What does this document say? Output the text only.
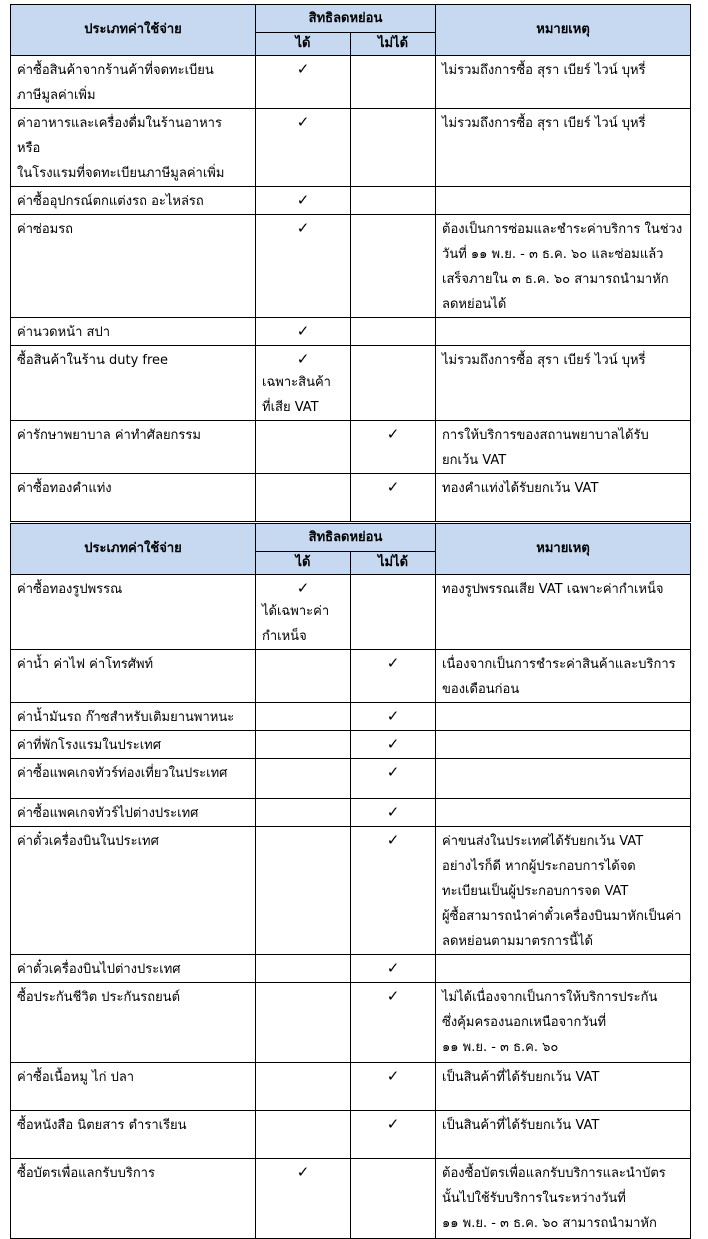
ประเภทค่าใช้จ่าย	สิทธิลดหย่อน		หมายเหตุ
	ได้	ไม่ได้	

ค่าซื้อสินค้าจากร้านค้าที่จดทะเบียน
ภาษีมูลค่าเพิ่ม	✓		ไม่รวมถึงการซื้อ สุรา เบียร์ ไวน์ บุหรี่

ค่าอาหารและเครื่องดื่มในร้านอาหาร หรือ
ในโรงแรมที่จดทะเบียนภาษีมูลค่าเพิ่ม	✓		ไม่รวมถึงการซื้อ สุรา เบียร์ ไวน์ บุหรี่

ค่าซื้ออุปกรณ์ตกแต่งรถ อะไหล่รถ	✓		

ค่าซ่อมรถ	✓		ต้องเป็นการซ่อมและชำระค่าบริการ ในช่วง
วันที่ ๑๑ พ.ย. - ๓ ธ.ค. ๖๐ และซ่อมแล้ว
เสร็จภายใน ๓ ธ.ค. ๖๐ สามารถนำมาหัก
ลดหย่อนได้

ค่านวดหน้า สปา	✓		

ซื้อสินค้าในร้าน duty free	✓
เฉพาะสินค้า
ที่เสีย VAT		ไม่รวมถึงการซื้อ สุรา เบียร์ ไวน์ บุหรี่

ค่ารักษาพยาบาล ค่าทำศัลยกรรม		✓	การให้บริการของสถานพยาบาลได้รับ
ยกเว้น VAT

ค่าซื้อทองคำแท่ง		✓	ทองคำแท่งได้รับยกเว้น VAT
ประเภทค่าใช้จ่าย	สิทธิลดหย่อน		หมายเหตุ
	ได้	ไม่ได้	

ค่าซื้อทองรูปพรรณ	✓
ได้เฉพาะค่า
กำเหน็จ		ทองรูปพรรณเสีย VAT เฉพาะค่ากำเหน็จ

ค่าน้ำ ค่าไฟ ค่าโทรศัพท์		✓	เนื่องจากเป็นการชำระค่าสินค้าและบริการ
ของเดือนก่อน

ค่าน้ำมันรถ ก๊าซสำหรับเติมยานพาหนะ		✓	

ค่าที่พักโรงแรมในประเทศ		✓	

ค่าซื้อแพคเกจทัวร์ท่องเที่ยวในประเทศ		✓	

ค่าซื้อแพคเกจทัวร์ไปต่างประเทศ		✓	

ค่าตั๋วเครื่องบินในประเทศ		✓	ค่าขนส่งในประเทศได้รับยกเว้น VAT
อย่างไรก็ดี หากผู้ประกอบการได้จด
ทะเบียนเป็นผู้ประกอบการจด VAT
ผู้ซื้อสามารถนำค่าตั๋วเครื่องบินมาหักเป็นค่า
ลดหย่อนตามมาตรการนี้ได้

ค่าตั๋วเครื่องบินไปต่างประเทศ		✓	

ซื้อประกันชีวิต ประกันรถยนต์		✓	ไม่ได้เนื่องจากเป็นการให้บริการประกัน
ซึ่งคุ้มครองนอกเหนือจากวันที่
๑๑ พ.ย. - ๓ ธ.ค. ๖๐

ค่าซื้อเนื้อหมู ไก่ ปลา		✓	เป็นสินค้าที่ได้รับยกเว้น VAT

ซื้อหนังสือ นิตยสาร ตำราเรียน		✓	เป็นสินค้าที่ได้รับยกเว้น VAT

ซื้อบัตรเพื่อแลกรับบริการ	✓		ต้องซื้อบัตรเพื่อแลกรับบริการและนำบัตร
นั้นไปใช้รับบริการในระหว่างวันที่
๑๑ พ.ย. - ๓ ธ.ค. ๖๐ สามารถนำมาหัก
